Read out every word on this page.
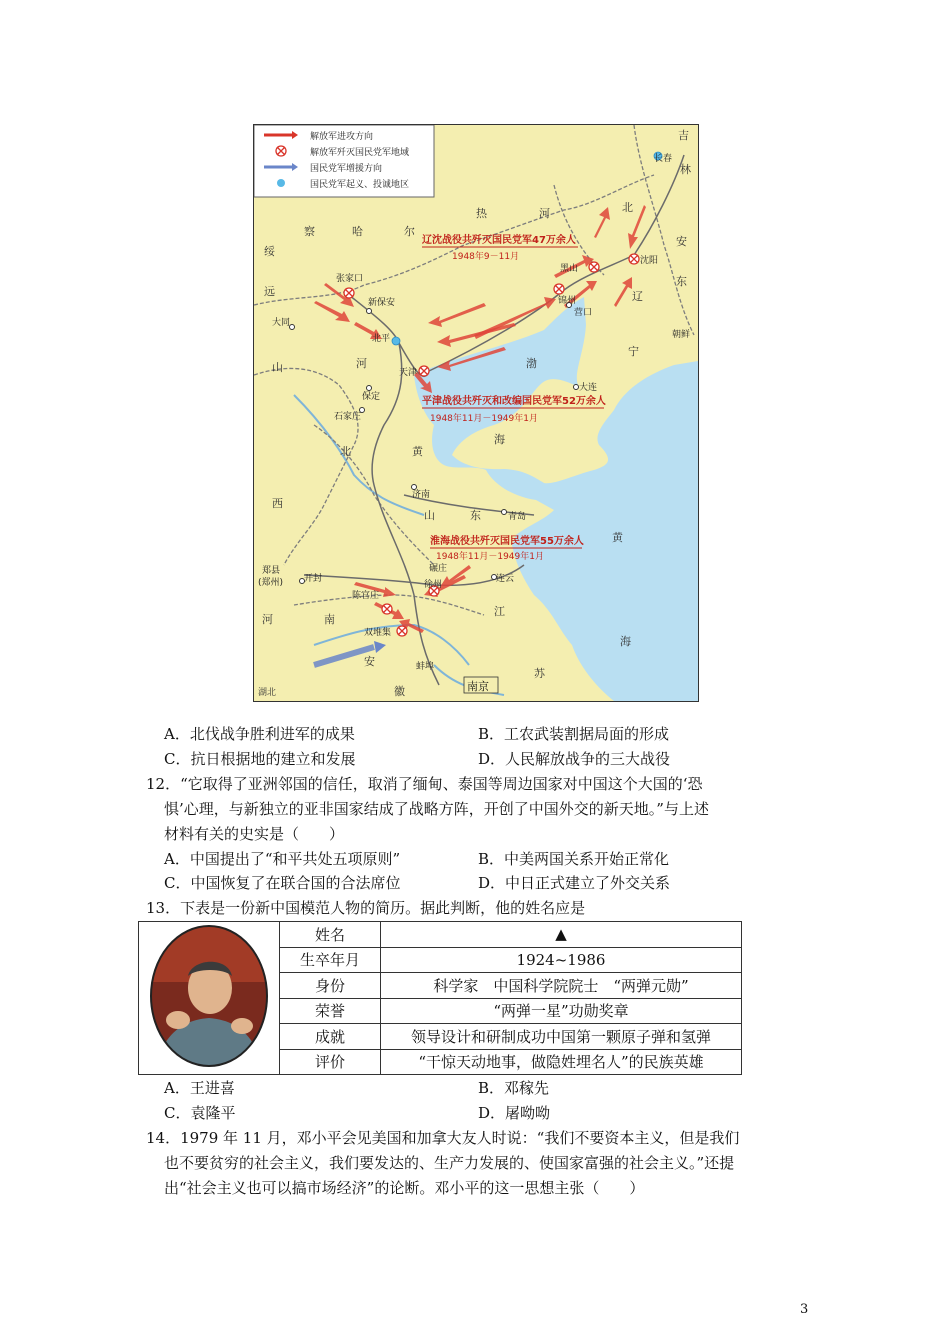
解放军进攻方向
解放军歼灭国民党军地域
国民党军增援方向
国民党军起义、投诚地区
辽沈战役共歼灭国民党军47万余人
1948年9－11月
平津战役共歼灭和改编国民党军52万余人
1948年11月－1949年1月
淮海战役共歼灭国民党军55万余人
1948年11月－1949年1月
长春
沈阳
黑山
锦州
营口
大连
张家口
新保安
大同
北平
天津
保定
石家庄
济南
青岛
郑县
(郑州) 开封
碾庄
徐州
连云
陈官庄
双堆集
蚌埠
朝鲜
南京
吉
林
热	河	北
安
东
辽
宁
绥
远
察	哈	尔
山
西
北
河	渤
海
黄
黄
海
河	南
山	东
江
苏
安
徽
湖北
A．北伐战争胜利进军的成果	B．工农武装割据局面的形成
C．抗日根据地的建立和发展	D．人民解放战争的三大战役
12．“它取得了亚洲邻国的信任，取消了缅甸、泰国等周边国家对中国这个大国的‘恐
惧’心理，与新独立的亚非国家结成了战略方阵，开创了中国外交的新天地。”与上述
材料有关的史实是（　　）
A．中国提出了“和平共处五项原则”	B．中美两国关系开始正常化
C．中国恢复了在联合国的合法席位	D．中日正式建立了外交关系
13．下表是一份新中国模范人物的简历。据此判断，他的姓名应是
	姓名	▲
	生卒年月	1924~1986
	身份	科学家　中国科学院院士　“两弹元勋”
	荣誉	“两弹一星”功勋奖章
	成就	领导设计和研制成功中国第一颗原子弹和氢弹
	评价	“干惊天动地事，做隐姓埋名人”的民族英雄
A．王进喜	B．邓稼先
C．袁隆平	D．屠呦呦
14．1979 年 11 月，邓小平会见美国和加拿大友人时说：“我们不要资本主义，但是我们
也不要贫穷的社会主义，我们要发达的、生产力发展的、使国家富强的社会主义。”还提
出“社会主义也可以搞市场经济”的论断。邓小平的这一思想主张（　　）
3
